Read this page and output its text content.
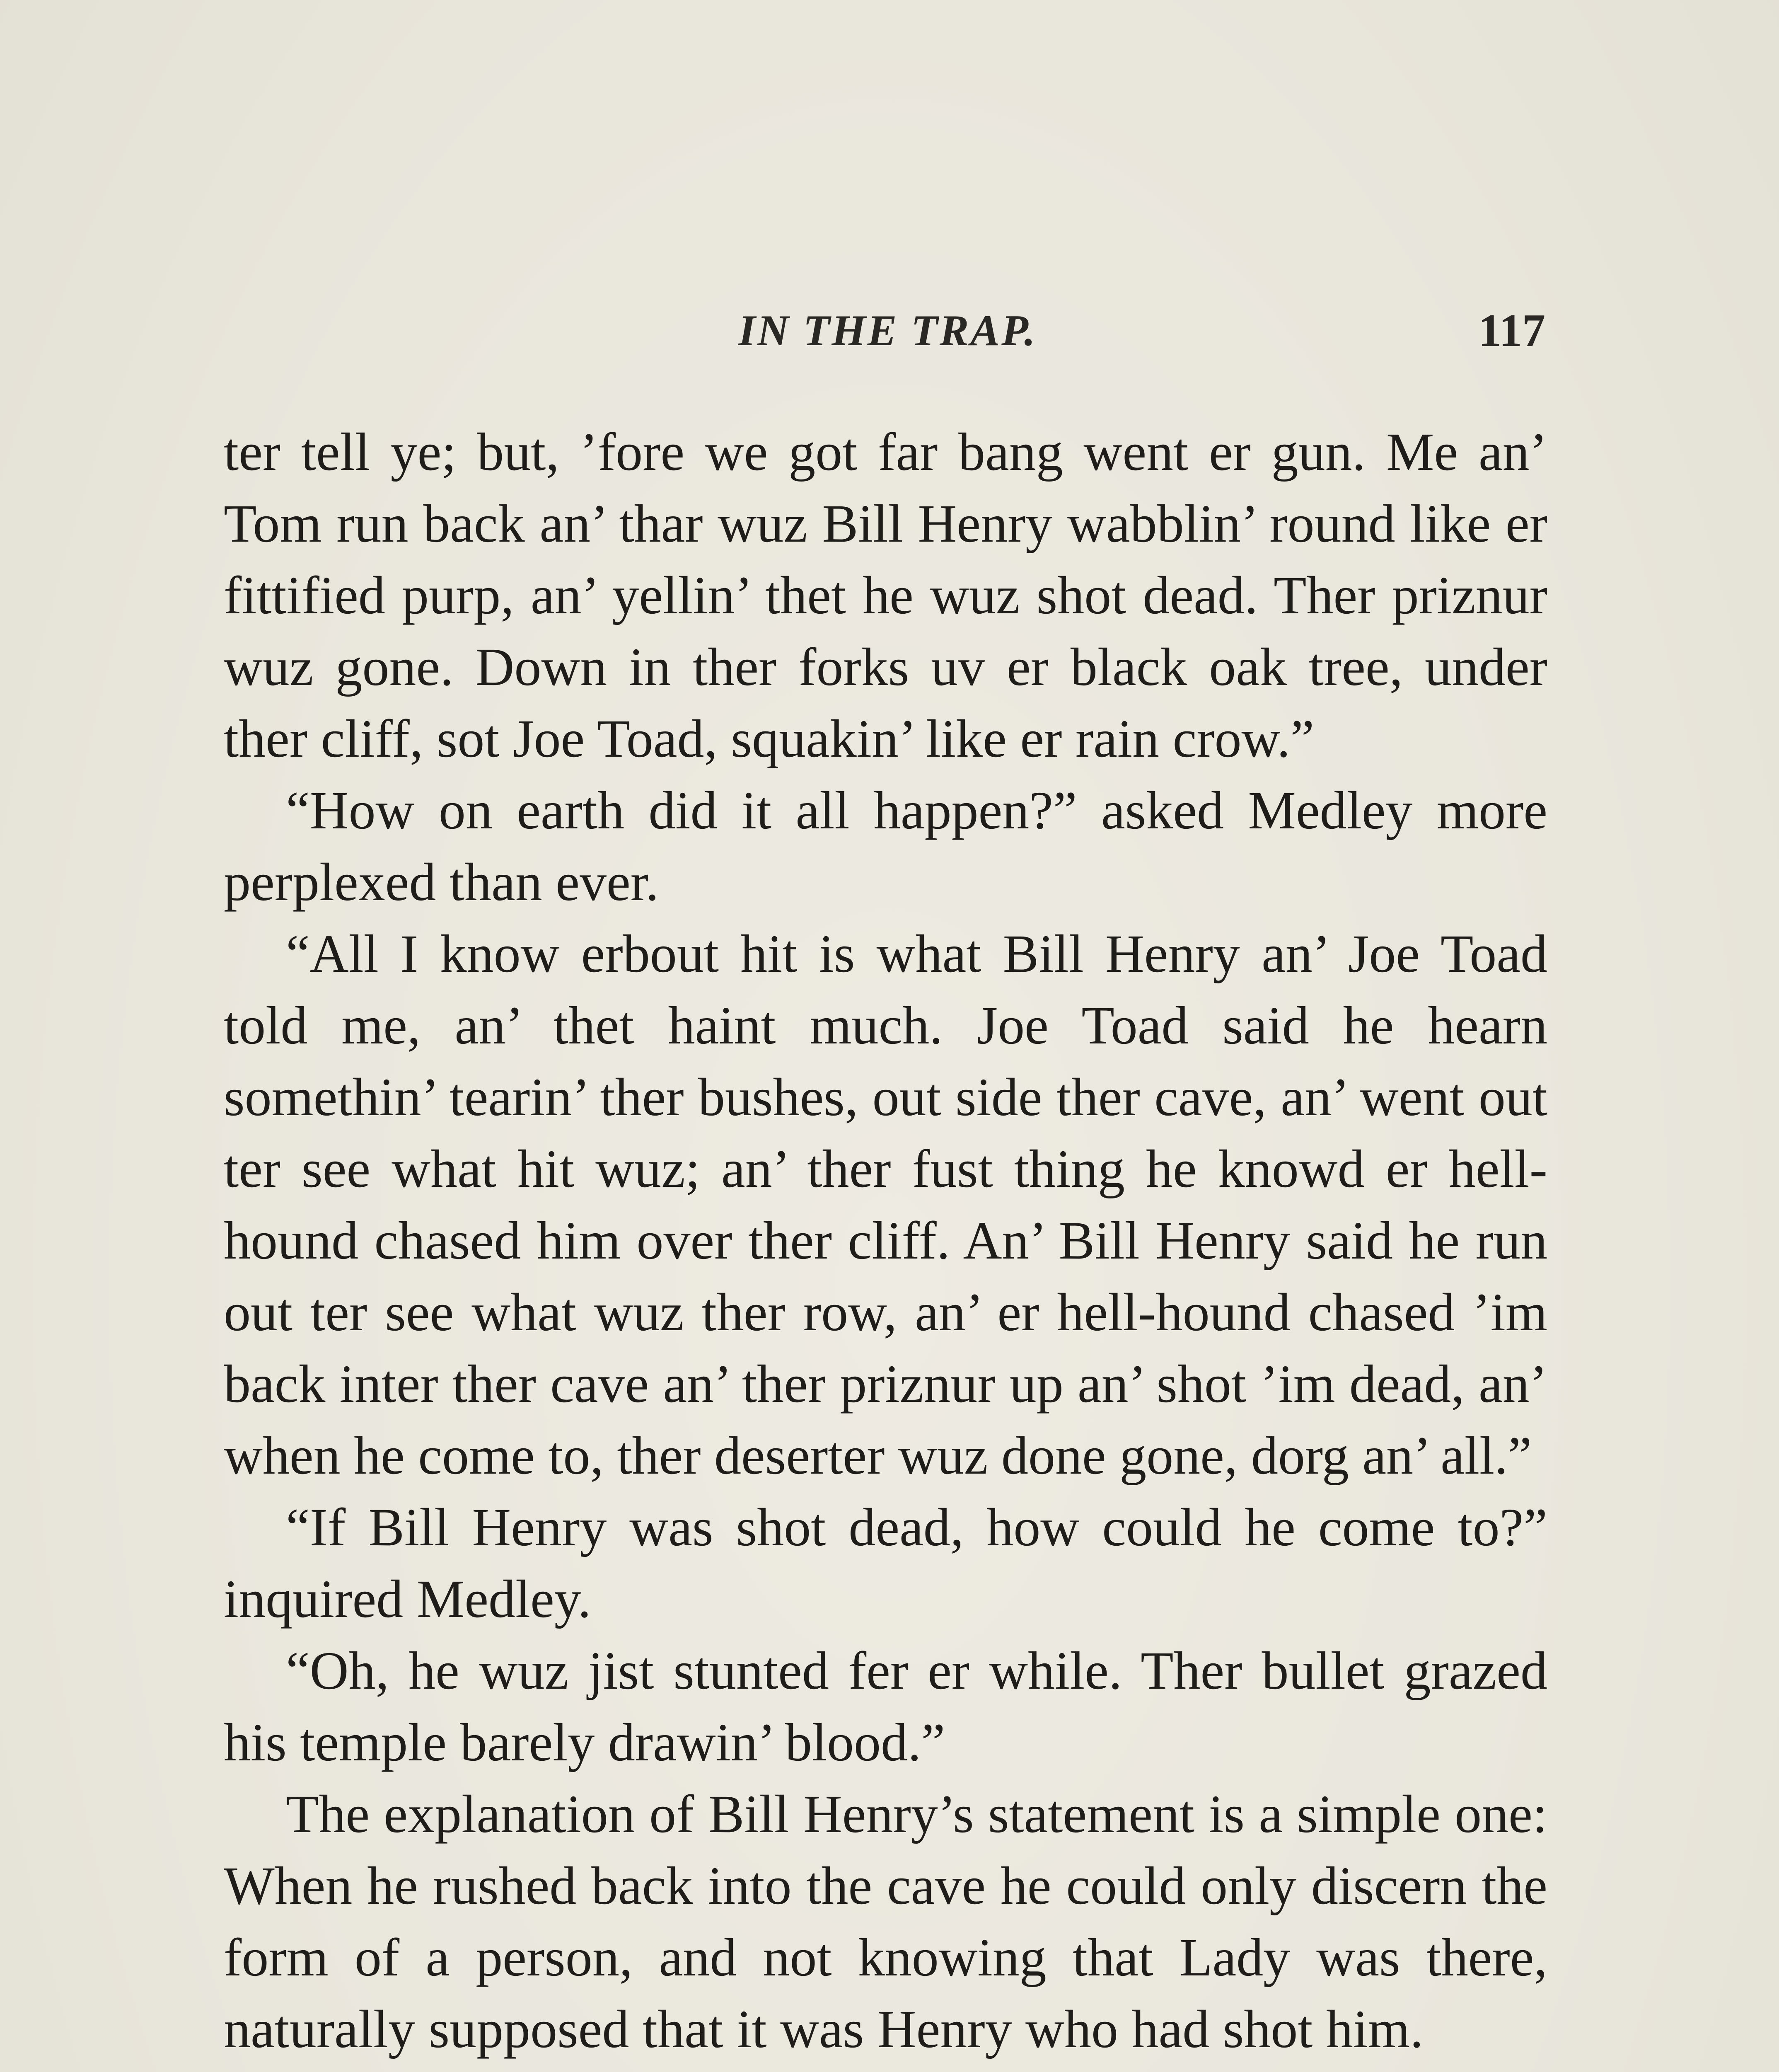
IN THE TRAP.	117

ter tell ye; but, ’fore we got far bang went er gun. Me an’ Tom run back an’ thar wuz Bill Henry wabblin’ round like er fittified purp, an’ yellin’ thet he wuz shot dead. Ther priznur wuz gone. Down in ther forks uv er black oak tree, under ther cliff, sot Joe Toad, squakin’ like er rain crow.”

“How on earth did it all happen?” asked Medley more perplexed than ever.

“All I know erbout hit is what Bill Henry an’ Joe Toad told me, an’ thet haint much. Joe Toad said he hearn somethin’ tearin’ ther bushes, out side ther cave, an’ went out ter see what hit wuz; an’ ther fust thing he knowd er hell-hound chased him over ther cliff. An’ Bill Henry said he run out ter see what wuz ther row, an’ er hell-hound chased ’im back inter ther cave an’ ther priznur up an’ shot ’im dead, an’ when he come to, ther deserter wuz done gone, dorg an’ all.”

“If Bill Henry was shot dead, how could he come to?” inquired Medley.

“Oh, he wuz jist stunted fer er while. Ther bullet grazed his temple barely drawin’ blood.”

The explanation of Bill Henry’s statement is a simple one: When he rushed back into the cave he could only discern the form of a person, and not knowing that Lady was there, naturally supposed that it was Henry who had shot him.
